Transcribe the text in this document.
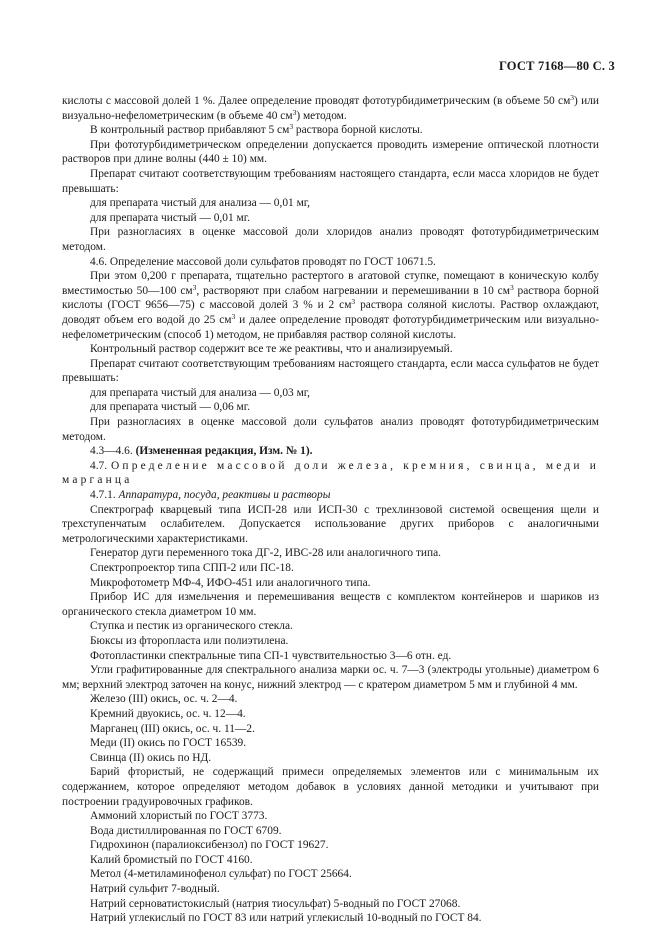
ГОСТ 7168—80 С. 3

кислоты с массовой долей 1 %. Далее определение проводят фототурбидиметрическим (в объеме 50 $см^3$) или визуально-нефелометрическим (в объеме 40 $см^3$) методом.

В контрольный раствор прибавляют 5 $см^3$ раствора борной кислоты.

При фототурбидиметрическом определении допускается проводить измерение оптической плотности растворов при длине волны (440 ± 10) мм.

Препарат считают соответствующим требованиям настоящего стандарта, если масса хлоридов не будет превышать:

для препарата чистый для анализа — 0,01 мг,

для препарата чистый — 0,01 мг.

При разногласиях в оценке массовой доли хлоридов анализ проводят фототурбидиметрическим методом.

4.6. Определение массовой доли сульфатов проводят по ГОСТ 10671.5.

При этом 0,200 г препарата, тщательно растертого в агатовой ступке, помещают в коническую колбу вместимостью 50—100 $см^3$, растворяют при слабом нагревании и перемешивании в 10 $см^3$ раствора борной кислоты (ГОСТ 9656—75) с массовой долей 3 % и 2 $см^3$ раствора соляной кислоты. Раствор охлаждают, доводят объем его водой до 25 $см^3$ и далее определение проводят фототурбидиметрическим или визуально-нефелометрическим (способ 1) методом, не прибавляя раствор соляной кислоты.

Контрольный раствор содержит все те же реактивы, что и анализируемый.

Препарат считают соответствующим требованиям настоящего стандарта, если масса сульфатов не будет превышать:

для препарата чистый для анализа — 0,03 мг,

для препарата чистый — 0,06 мг.

При разногласиях в оценке массовой доли сульфатов анализ проводят фототурбидиметрическим методом.

4.3—4.6. (Измененная редакция, Изм. № 1).

4.7. Определение массовой доли железа, кремния, свинца, меди и марганца

4.7.1. Аппаратура, посуда, реактивы и растворы

Спектрограф кварцевый типа ИСП-28 или ИСП-30 с трехлинзовой системой освещения щели и трехступенчатым ослабителем. Допускается использование других приборов с аналогичными метрологическими характеристиками.

Генератор дуги переменного тока ДГ-2, ИВС-28 или аналогичного типа.

Спектропроектор типа СПП-2 или ПС-18.

Микрофотометр МФ-4, ИФО-451 или аналогичного типа.

Прибор ИС для измельчения и перемешивания веществ с комплектом контейнеров и шариков из органического стекла диаметром 10 мм.

Ступка и пестик из органического стекла.

Бюксы из фторопласта или полиэтилена.

Фотопластинки спектральные типа СП-1 чувствительностью 3—6 отн. ед.

Угли графитированные для спектрального анализа марки ос. ч. 7—3 (электроды угольные) диаметром 6 мм; верхний электрод заточен на конус, нижний электрод — с кратером диаметром 5 мм и глубиной 4 мм.

Железо (III) окись, ос. ч. 2—4.

Кремний двуокись, ос. ч. 12—4.

Марганец (III) окись, ос. ч. 11—2.

Меди (II) окись по ГОСТ 16539.

Свинца (II) окись по НД.

Барий фтористый, не содержащий примеси определяемых элементов или с минимальным их содержанием, которое определяют методом добавок в условиях данной методики и учитывают при построении градуировочных графиков.

Аммоний хлористый по ГОСТ 3773.

Вода дистиллированная по ГОСТ 6709.

Гидрохинон (паралиоксибензол) по ГОСТ 19627.

Калий бромистый по ГОСТ 4160.

Метол (4-метиламинофенол сульфат) по ГОСТ 25664.

Натрий сульфит 7-водный.

Натрий серноватистокислый (натрия тиосульфат) 5-водный по ГОСТ 27068.

Натрий углекислый по ГОСТ 83 или натрий углекислый 10-водный по ГОСТ 84.
